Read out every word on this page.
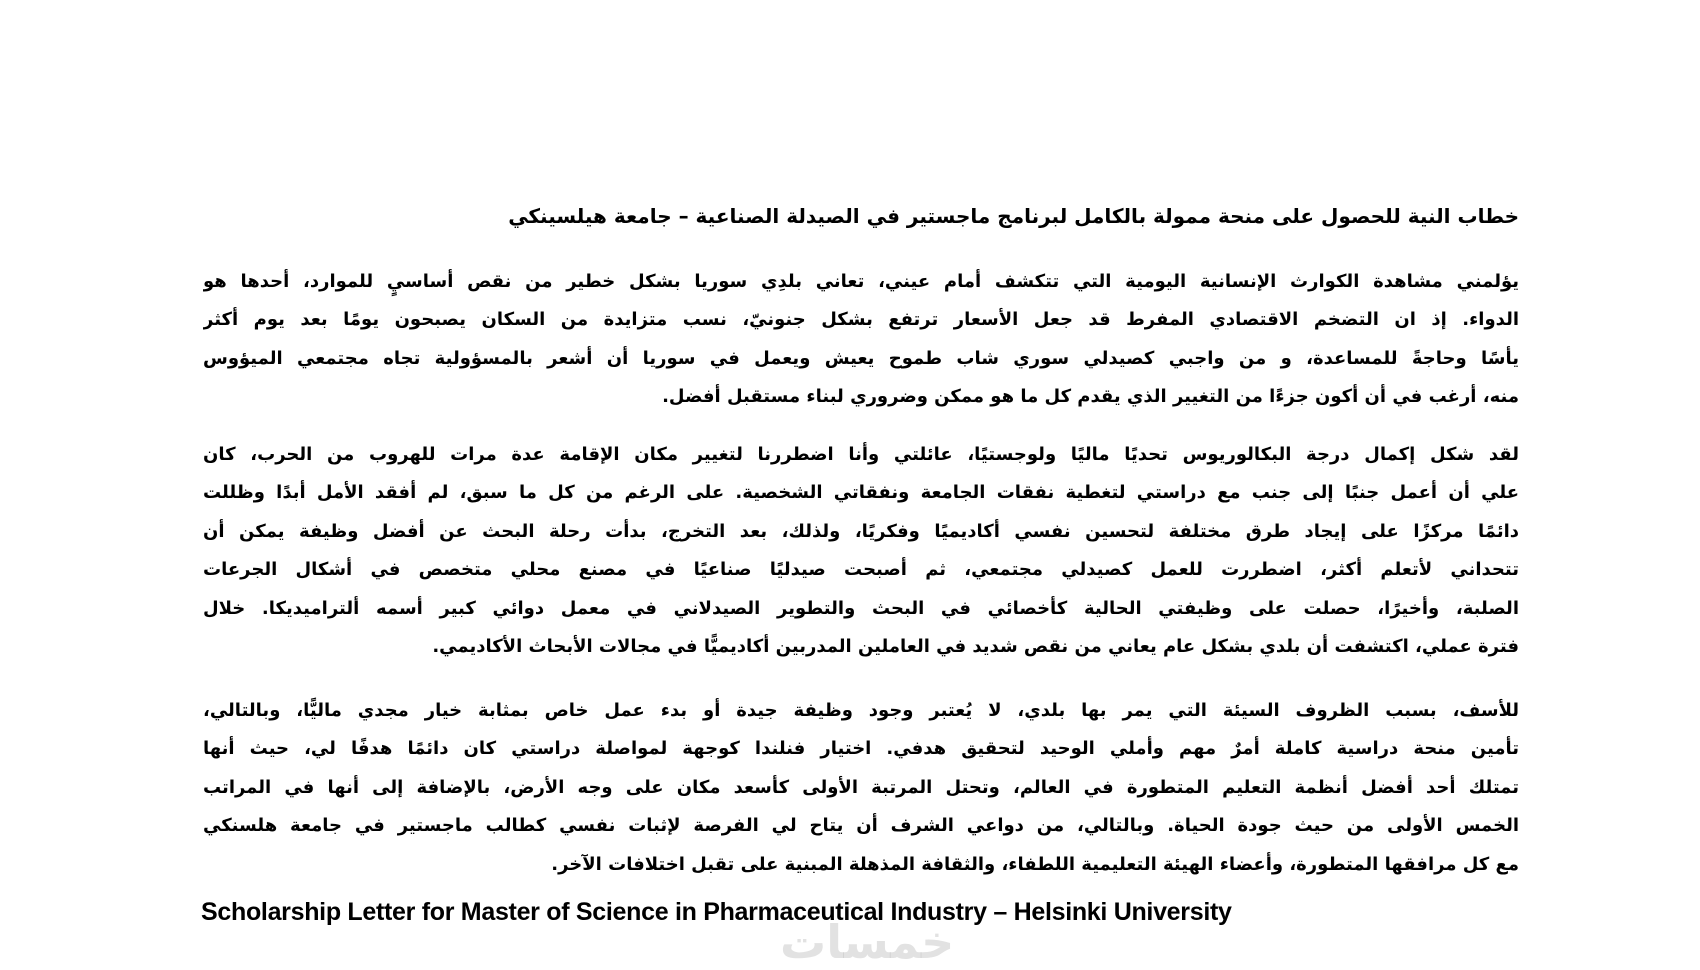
خطاب النية للحصول على منحة ممولة بالكامل لبرنامج ماجستير في الصيدلة الصناعية – جامعة هيلسينكي
يؤلمني مشاهدة الكوارث الإنسانية اليومية التي تتكشف أمام عيني، تعاني بلدِي سوريا بشكل خطير من نقص أساسيٍ للموارد، أحدها هو
الدواء. إذ ان التضخم الاقتصادي المفرط قد جعل الأسعار ترتفع بشكل جنونيّ، نسب متزايدة من السكان يصبحون يومًا بعد يوم أكثر
يأسًا وحاجةً للمساعدة، و من واجبي كصيدلي سوري شاب طموح يعيش ويعمل في سوريا أن أشعر بالمسؤولية تجاه مجتمعي الميؤوس
منه، أرغب في أن أكون جزءًا من التغيير الذي يقدم كل ما هو ممكن وضروري لبناء مستقبل أفضل.
لقد شكل إكمال درجة البكالوريوس تحديًا ماليًا ولوجستيًا، عائلتي وأنا اضطررنا لتغيير مكان الإقامة عدة مرات للهروب من الحرب، كان
علي أن أعمل جنبًا إلى جنب مع دراستي لتغطية نفقات الجامعة ونفقاتي الشخصية. على الرغم من كل ما سبق، لم أفقد الأمل أبدًا وظللت
دائمًا مركزًا على إيجاد طرق مختلفة لتحسين نفسي أكاديميًا وفكريًا، ولذلك، بعد التخرج، بدأت رحلة البحث عن أفضل وظيفة يمكن أن
تتحداني لأتعلم أكثر، اضطررت للعمل كصيدلي مجتمعي، ثم أصبحت صيدليًا صناعيًا في مصنع محلي متخصص في أشكال الجرعات
الصلبة، وأخيرًا، حصلت على وظيفتي الحالية كأخصائي في البحث والتطوير الصيدلاني في معمل دوائي كبير أسمه ألتراميديكا. خلال
فترة عملي، اكتشفت أن بلدي بشكل عام يعاني من نقص شديد في العاملين المدربين أكاديميًّا في مجالات الأبحاث الأكاديمي.
للأسف، بسبب الظروف السيئة التي يمر بها بلدي، لا يُعتبر وجود وظيفة جيدة أو بدء عمل خاص بمثابة خيار مجدي ماليًّا، وبالتالي،
تأمين منحة دراسية كاملة أمرٌ مهم وأملي الوحيد لتحقيق هدفي. اختيار فنلندا كوجهة لمواصلة دراستي كان دائمًا هدفًا لي، حيث أنها
تمتلك أحد أفضل أنظمة التعليم المتطورة في العالم، وتحتل المرتبة الأولى كأسعد مكان على وجه الأرض، بالإضافة إلى أنها في المراتب
الخمس الأولى من حيث جودة الحياة. وبالتالي، من دواعي الشرف أن يتاح لي الفرصة لإثبات نفسي كطالب ماجستير في جامعة هلسنكي
مع كل مرافقها المتطورة، وأعضاء الهيئة التعليمية اللطفاء، والثقافة المذهلة المبنية على تقبل اختلافات الآخر.
Scholarship Letter for Master of Science in Pharmaceutical Industry – Helsinki University
خمسات
